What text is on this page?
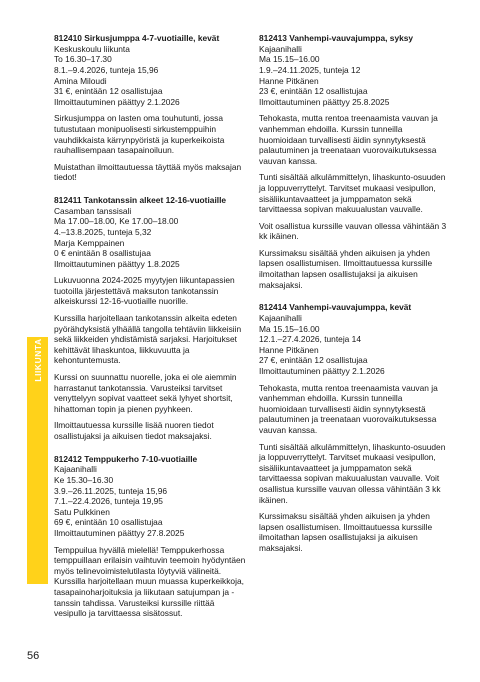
812410 Sirkusjumppa 4-7-vuotiaille, kevät
Keskuskoulu liikunta
To 16.30–17.30
8.1.–9.4.2026, tunteja 15,96
Amina Miloudi
31 €, enintään 12 osallistujaa
Ilmoittautuminen päättyy 2.1.2026
Sirkusjumppa on lasten oma touhutunti, jossa tutustutaan monipuolisesti sirkustemppuihin vauhdikkaista kärrynpyöristä ja kuperkeikoista rauhallisempaan tasapainoiluun.
Muistathan ilmoittautuessa täyttää myös maksajan tiedot!
812411 Tankotanssin alkeet 12-16-vuotiaille
Casamban tanssisali
Ma 17.00–18.00, Ke 17.00–18.00
4.–13.8.2025, tunteja 5,32
Marja Kemppainen
0 € enintään 8 osallistujaa
Ilmoittautuminen päättyy 1.8.2025
Lukuvuonna 2024-2025 myytyjen liikuntapassien tuotoilla järjestettävä maksuton tankotanssin alkeiskurssi 12-16-vuotiaille nuorille.
Kurssilla harjoitellaan tankotanssin alkeita edeten pyörähdyksistä ylhäällä tangolla tehtäviin liikkeisiin sekä liikkeiden yhdistämistä sarjaksi. Harjoitukset kehittävät lihaskuntoa, liikkuvuutta ja kehontuntemusta.
Kurssi on suunnattu nuorelle, joka ei ole aiemmin harrastanut tankotanssia. Varusteiksi tarvitset venyttelyyn sopivat vaatteet sekä lyhyet shortsit, hihattoman topin ja pienen pyyhkeen.
Ilmoittautuessa kurssille lisää nuoren tiedot osallistujaksi ja aikuisen tiedot maksajaksi.
812412 Temppukerho 7-10-vuotiaille
Kajaanihalli
Ke 15.30–16.30
3.9.–26.11.2025, tunteja 15,96
7.1.–22.4.2026, tunteja 19,95
Satu Pulkkinen
69 €, enintään 10 osallistujaa
Ilmoittautuminen päättyy 27.8.2025
Temppuilua hyvällä mielellä! Temppukerhossa temppuillaan erilaisin vaihtuvin teemoin hyödyntäen myös telinevoimistelutilasta löytyviä välineitä. Kurssilla harjoitellaan muun muassa kuperkeikkoja, tasapainoharjoituksia ja liikutaan satujumpan ja -tanssin tahdissa. Varusteiksi kurssille riittää vesipullo ja tarvittaessa sisätossut.
812413 Vanhempi-vauvajumppa, syksy
Kajaanihalli
Ma 15.15–16.00
1.9.–24.11.2025, tunteja 12
Hanne Pitkänen
23 €, enintään 12 osallistujaa
Ilmoittautuminen päättyy 25.8.2025
Tehokasta, mutta rentoa treenaamista vauvan ja vanhemman ehdoilla. Kurssin tunneilla huomioidaan turvallisesti äidin synnytyksestä palautuminen ja treenataan vuorovaikutuksessa vauvan kanssa.
Tunti sisältää alkulämmittelyn, lihaskunto-osuuden ja loppuverryttelyt. Tarvitset mukaasi vesipullon, sisäliikuntavaatteet ja jumppamaton sekä tarvittaessa sopivan makuualustan vauvalle.
Voit osallistua kurssille vauvan ollessa vähintään 3 kk ikäinen.
Kurssimaksu sisältää yhden aikuisen ja yhden lapsen osallistumisen. Ilmoittautuessa kurssille ilmoitathan lapsen osallistujaksi ja aikuisen maksajaksi.
812414 Vanhempi-vauvajumppa, kevät
Kajaanihalli
Ma 15.15–16.00
12.1.–27.4.2026, tunteja 14
Hanne Pitkänen
27 €, enintään 12 osallistujaa
Ilmoittautuminen päättyy 2.1.2026
Tehokasta, mutta rentoa treenaamista vauvan ja vanhemman ehdoilla. Kurssin tunneilla huomioidaan turvallisesti äidin synnytyksestä palautuminen ja treenataan vuorovaikutuksessa vauvan kanssa.
Tunti sisältää alkulämmittelyn, lihaskunto-osuuden ja loppuverryttelyt. Tarvitset mukaasi vesipullon, sisäliikuntavaatteet ja jumppamaton sekä tarvittaessa sopivan makuualustan vauvalle. Voit osallistua kurssille vauvan ollessa vähintään 3 kk ikäinen.
Kurssimaksu sisältää yhden aikuisen ja yhden lapsen osallistumisen. Ilmoittautuessa kurssille ilmoitathan lapsen osallistujaksi ja aikuisen maksajaksi.
LIIKUNTA
56
